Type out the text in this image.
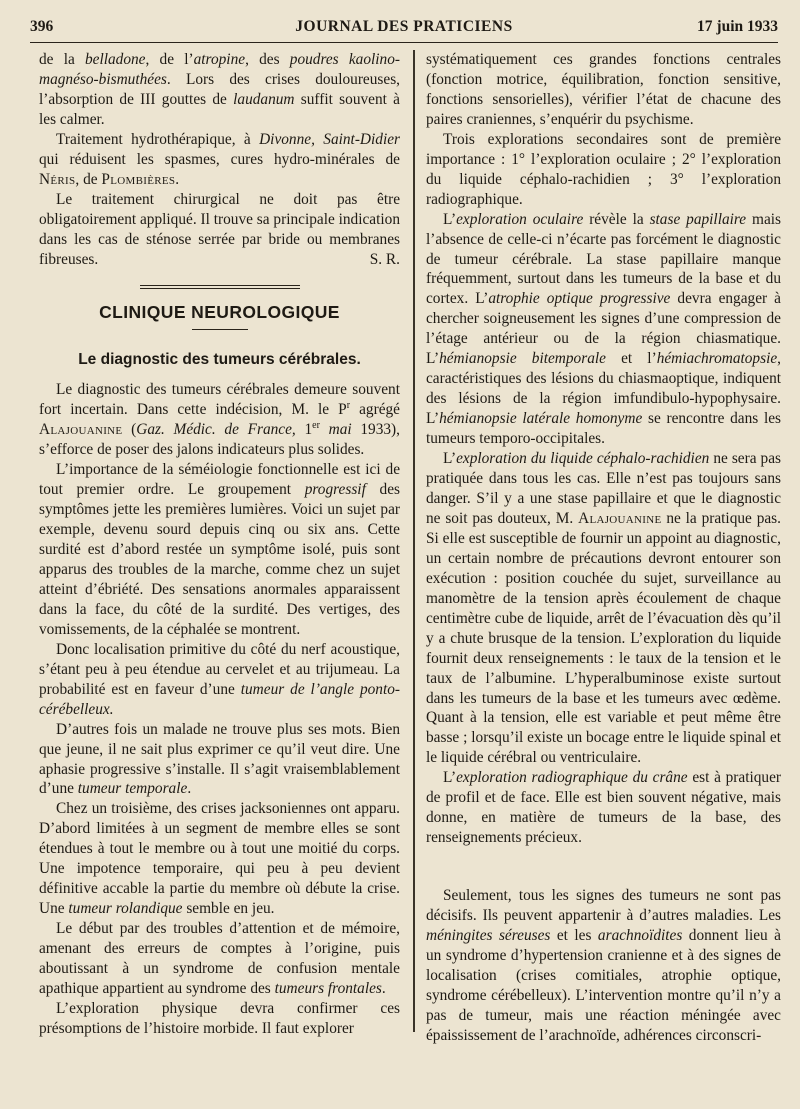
396	JOURNAL DES PRATICIENS	17 juin 1933

de la belladone, de l’atropine, des poudres kaolino-magnéso-bismuthées. Lors des crises douloureuses, l’absorption de III gouttes de laudanum suffit souvent à les calmer.

Traitement hydrothérapique, à Divonne, Saint-Didier qui réduisent les spasmes, cures hydro-minérales de Néris, de Plombières.

Le traitement chirurgical ne doit pas être obligatoirement appliqué. Il trouve sa principale indication dans les cas de sténose serrée par bride ou membranes fibreuses.	S. R.

CLINIQUE NEUROLOGIQUE
Le diagnostic des tumeurs cérébrales.

Le diagnostic des tumeurs cérébrales demeure souvent fort incertain. Dans cette indécision, M. le $P^r$ agrégé Alajouanine (Gaz. Médic. de France, 1er mai 1933), s’efforce de poser des jalons indicateurs plus solides.

L’importance de la séméiologie fonctionnelle est ici de tout premier ordre. Le groupement progressif des symptômes jette les premières lumières. Voici un sujet par exemple, devenu sourd depuis cinq ou six ans. Cette surdité est d’abord restée un symptôme isolé, puis sont apparus des troubles de la marche, comme chez un sujet atteint d’ébriété. Des sensations anormales apparaissent dans la face, du côté de la surdité. Des vertiges, des vomissements, de la céphalée se montrent.

Donc localisation primitive du côté du nerf acoustique, s’étant peu à peu étendue au cervelet et au trijumeau. La probabilité est en faveur d’une tumeur de l’angle ponto-cérébelleux.

D’autres fois un malade ne trouve plus ses mots. Bien que jeune, il ne sait plus exprimer ce qu’il veut dire. Une aphasie progressive s’installe. Il s’agit vraisemblablement d’une tumeur temporale.

Chez un troisième, des crises jacksoniennes ont apparu. D’abord limitées à un segment de membre elles se sont étendues à tout le membre ou à tout une moitié du corps. Une impotence temporaire, qui peu à peu devient définitive accable la partie du membre où débute la crise. Une tumeur rolandique semble en jeu.

Le début par des troubles d’attention et de mémoire, amenant des erreurs de comptes à l’origine, puis aboutissant à un syndrome de confusion mentale apathique appartient au syndrome des tumeurs frontales.

L’exploration physique devra confirmer ces présomptions de l’histoire morbide. Il faut explorer

systématiquement ces grandes fonctions centrales (fonction motrice, équilibration, fonction sensitive, fonctions sensorielles), vérifier l’état de chacune des paires craniennes, s’enquérir du psychisme.

Trois explorations secondaires sont de première importance : 1° l’exploration oculaire ; 2° l’exploration du liquide céphalo-rachidien ; 3° l’exploration radiographique.

L’exploration oculaire révèle la stase papillaire mais l’absence de celle-ci n’écarte pas forcément le diagnostic de tumeur cérébrale. La stase papillaire manque fréquemment, surtout dans les tumeurs de la base et du cortex. L’atrophie optique progressive devra engager à chercher soigneusement les signes d’une compression de l’étage antérieur ou de la région chiasmatique. L’hémianopsie bitemporale et l’hémiachromatopsie, caractéristiques des lésions du chiasmaoptique, indiquent des lésions de la région imfundibulo-hypophysaire. L’hémianopsie latérale homonyme se rencontre dans les tumeurs temporo-occipitales.

L’exploration du liquide céphalo-rachidien ne sera pas pratiquée dans tous les cas. Elle n’est pas toujours sans danger. S’il y a une stase papillaire et que le diagnostic ne soit pas douteux, M. Alajouanine ne la pratique pas. Si elle est susceptible de fournir un appoint au diagnostic, un certain nombre de précautions devront entourer son exécution : position couchée du sujet, surveillance au manomètre de la tension après écoulement de chaque centimètre cube de liquide, arrêt de l’évacuation dès qu’il y a chute brusque de la tension. L’exploration du liquide fournit deux renseignements : le taux de la tension et le taux de l’albumine. L’hyperalbuminose existe surtout dans les tumeurs de la base et les tumeurs avec œdème. Quant à la tension, elle est variable et peut même être basse ; lorsqu’il existe un bocage entre le liquide spinal et le liquide cérébral ou ventriculaire.

L’exploration radiographique du crâne est à pratiquer de profil et de face. Elle est bien souvent négative, mais donne, en matière de tumeurs de la base, des renseignements précieux.

Seulement, tous les signes des tumeurs ne sont pas décisifs. Ils peuvent appartenir à d’autres maladies. Les méningites séreuses et les arachnoïdites donnent lieu à un syndrome d’hypertension cranienne et à des signes de localisation (crises comitiales, atrophie optique, syndrome cérébelleux). L’intervention montre qu’il n’y a pas de tumeur, mais une réaction méningée avec épaississement de l’arachnoïde, adhérences circonscri-
